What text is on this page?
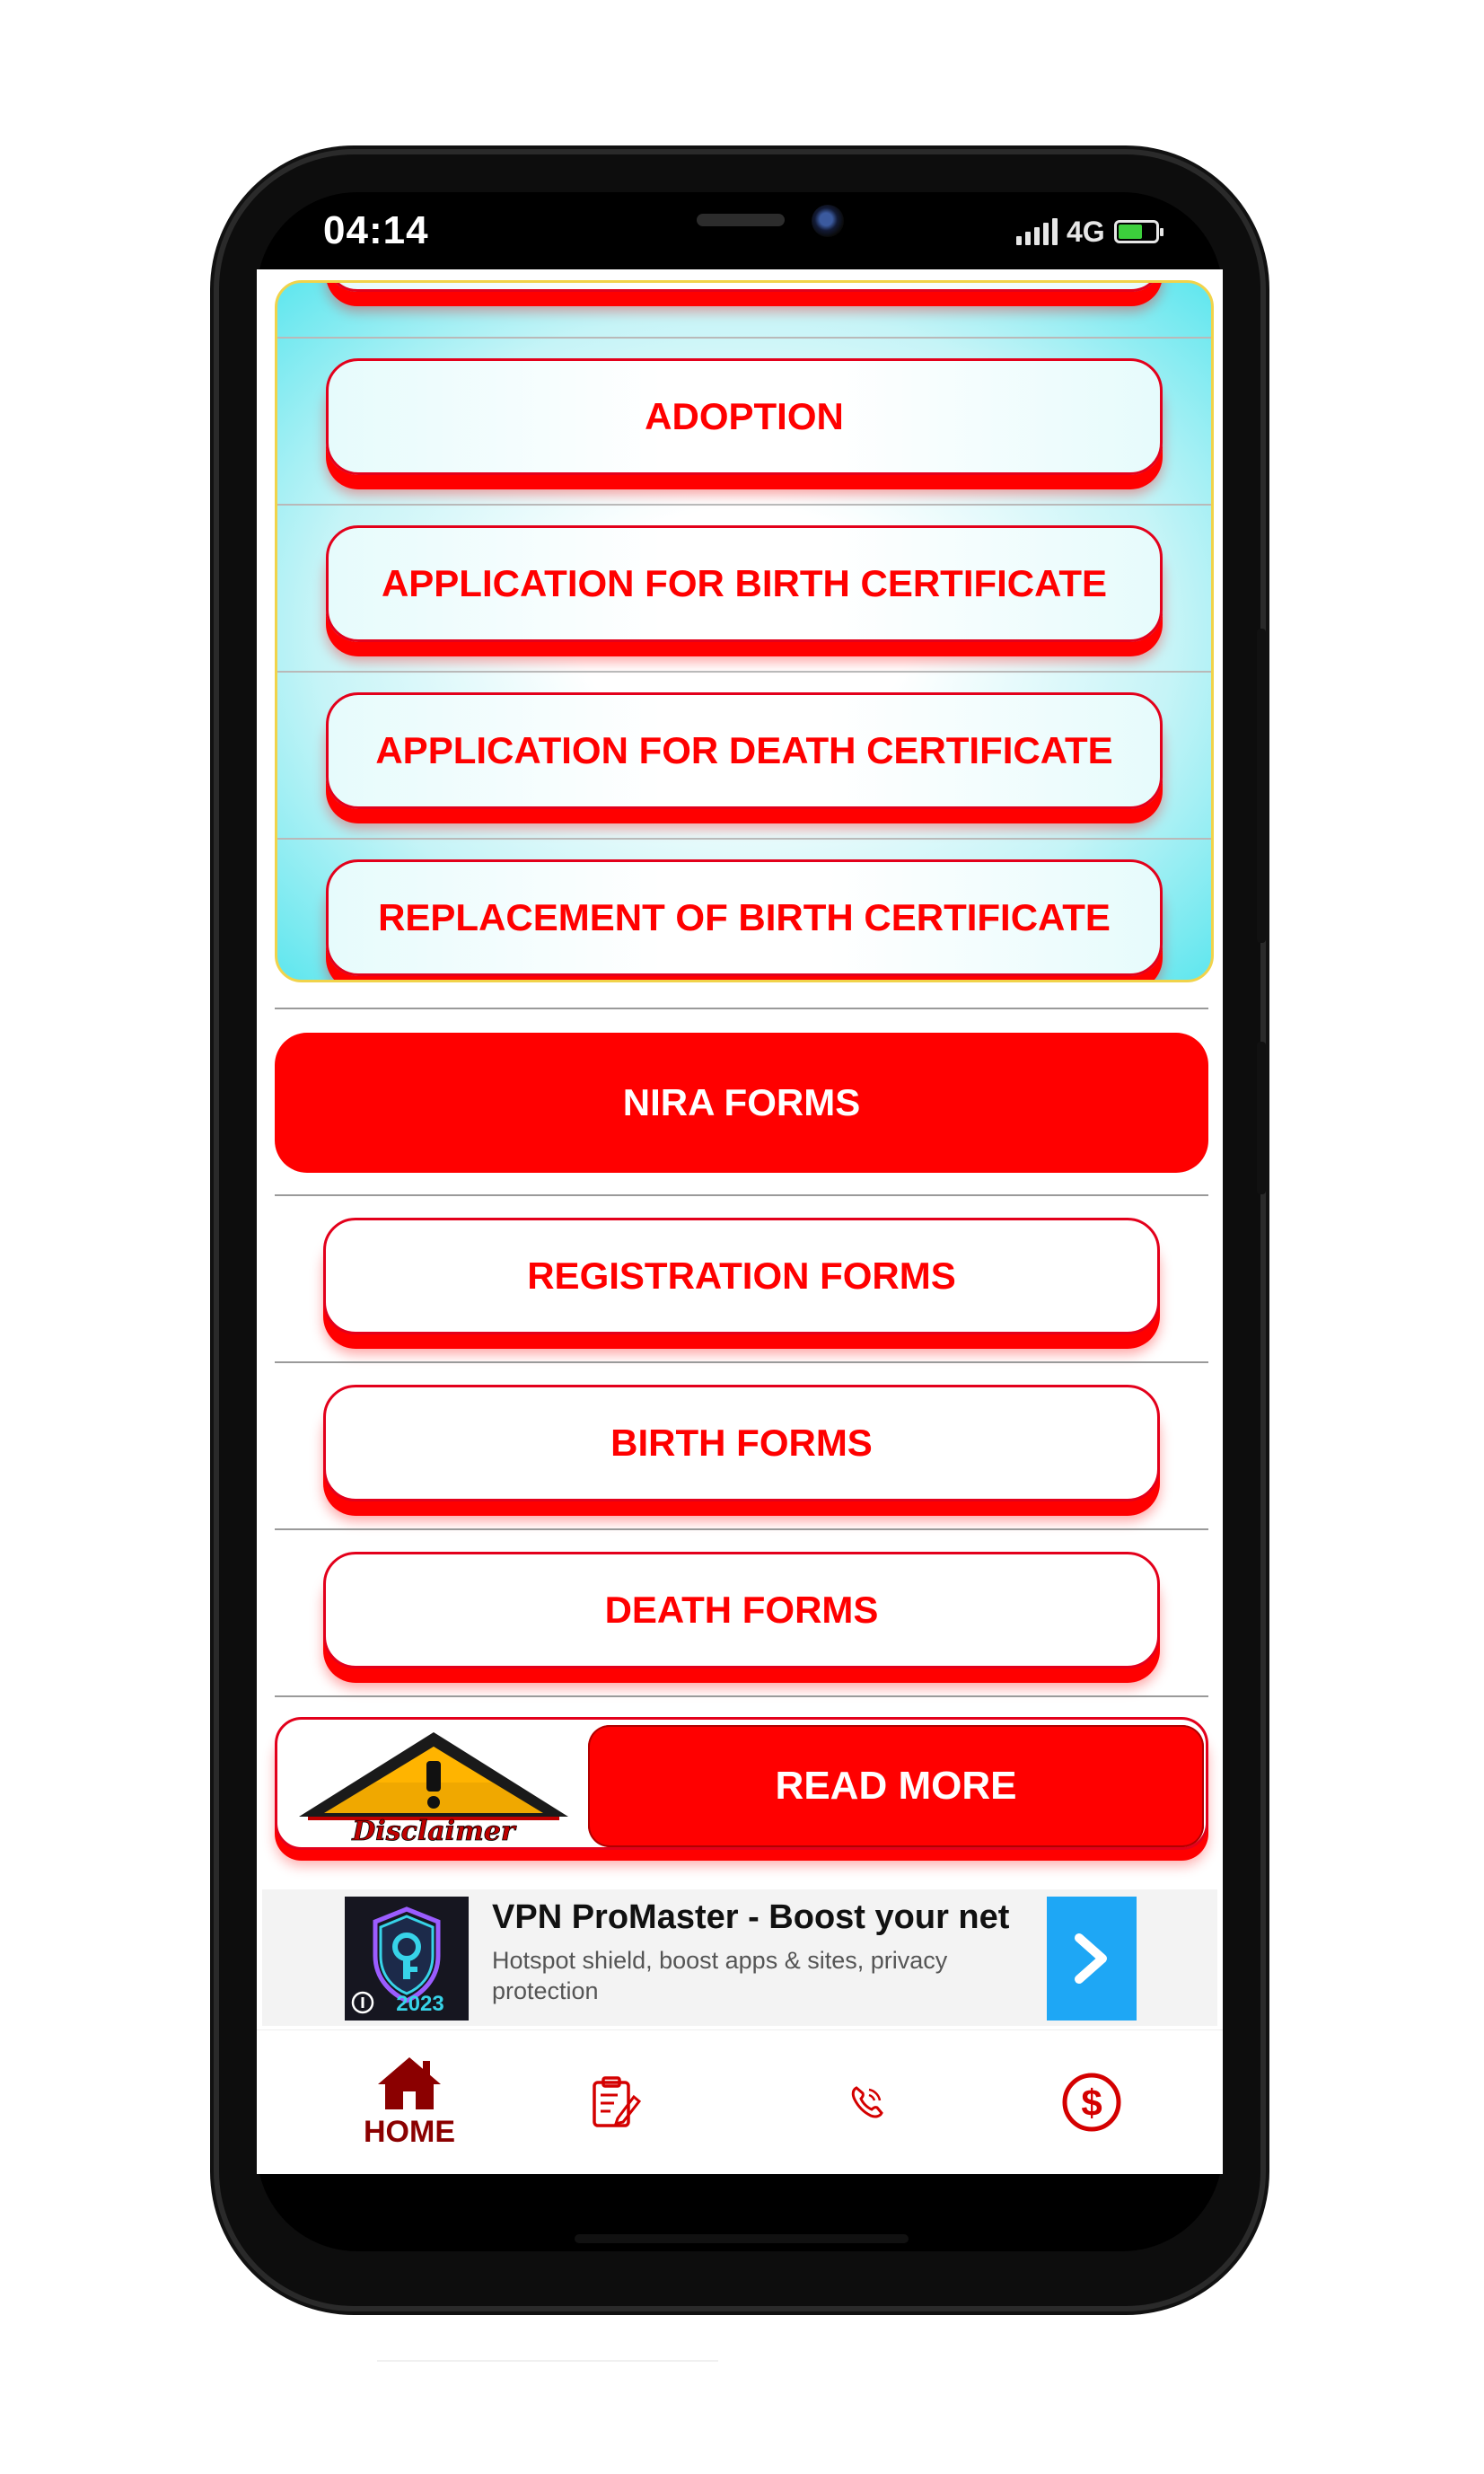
04:14	4G
ADOPTION
APPLICATION FOR BIRTH CERTIFICATE
APPLICATION FOR DEATH CERTIFICATE
REPLACEMENT OF BIRTH CERTIFICATE
NIRA FORMS
REGISTRATION FORMS
BIRTH FORMS
DEATH FORMS
Disclaimer
READ MORE
2023
VPN ProMaster - Boost your net
Hotspot shield, boost apps & sites, privacy protection
HOME
$
